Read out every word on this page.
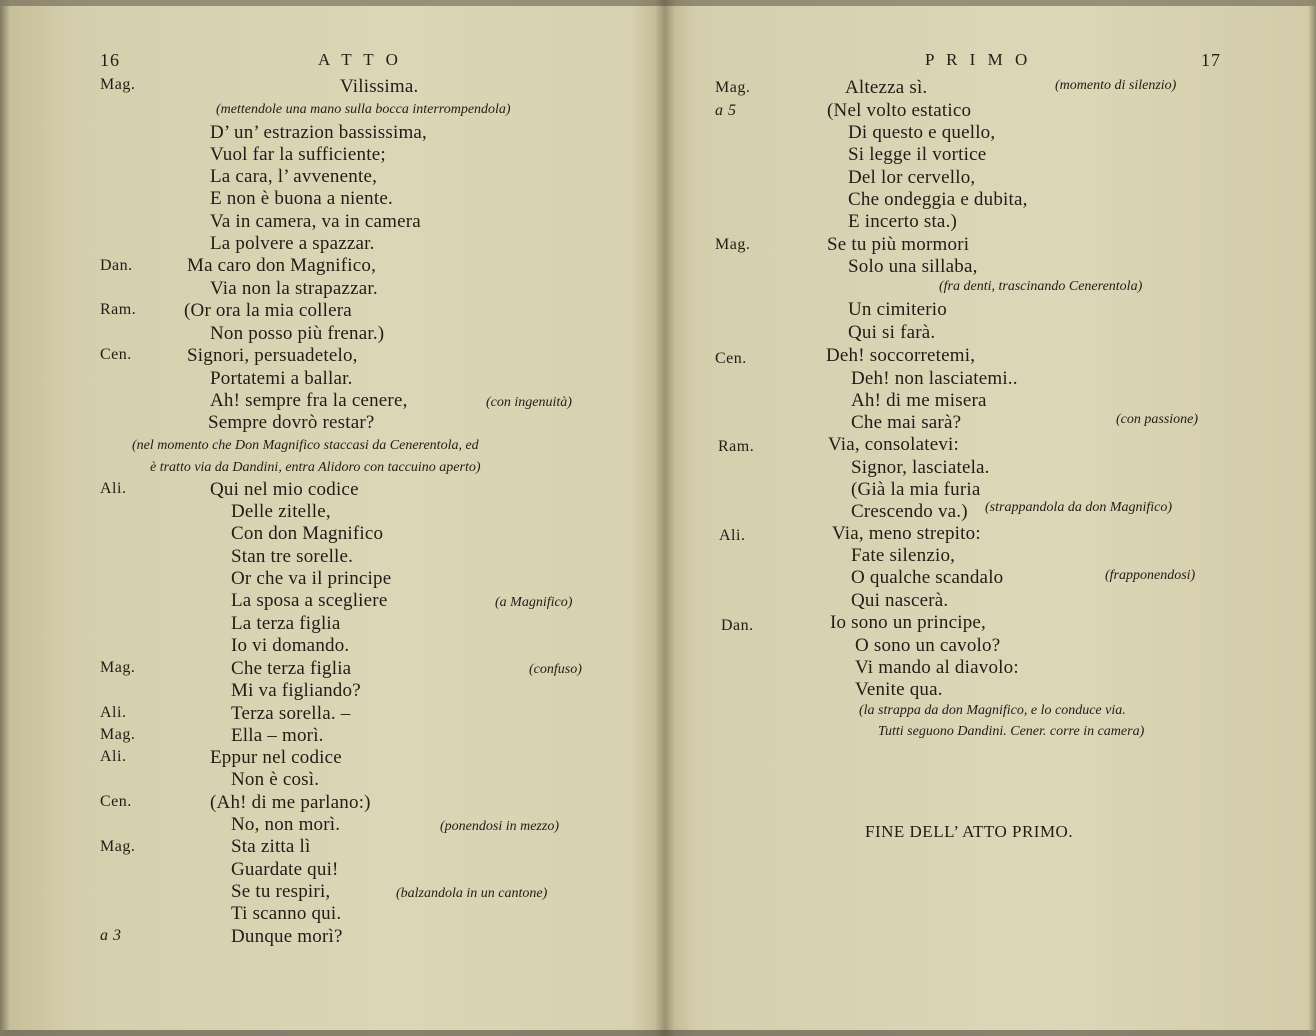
16	A T T O
Mag.	Vilissima.
(mettendole una mano sulla bocca interrompendola)
D’ un’ estrazion bassissima,
Vuol far la sufficiente;
La cara, l’ avvenente,
E non è buona a niente.
Va in camera, va in camera
La polvere a spazzar.
Dan.	Ma caro don Magnifico,
Via non la strapazzar.
Ram.	(Or ora la mia collera
Non posso più frenar.)
Cen.	Signori, persuadetelo,
Portatemi a ballar.
Ah! sempre fra la cenere,	(con ingenuità)
Sempre dovrò restar?
(nel momento che Don Magnifico staccasi da Cenerentola, ed
è tratto via da Dandini, entra Alidoro con taccuino aperto)
Ali.	Qui nel mio codice
Delle zitelle,
Con don Magnifico
Stan tre sorelle.
Or che va il principe
La sposa a scegliere	(a Magnifico)
La terza figlia
Io vi domando.
Mag.	Che terza figlia	(confuso)
Mi va figliando?
Ali.	Terza sorella. –
Mag.	Ella – morì.
Ali.	Eppur nel codice
Non è così.
Cen.	(Ah! di me parlano:)
No, non morì.	(ponendosi in mezzo)
Mag.	Sta zitta lì
Guardate qui!
Se tu respiri,	(balzandola in un cantone)
Ti scanno qui.
a 3	Dunque morì?
P R I M O	17
Mag.	Altezza sì.	(momento di silenzio)
a 5	(Nel volto estatico
Di questo e quello,
Si legge il vortice
Del lor cervello,
Che ondeggia e dubita,
E incerto sta.)
Mag.	Se tu più mormori
Solo una sillaba,
(fra denti, trascinando Cenerentola)
Un cimiterio
Qui si farà.
Cen.	Deh! soccorretemi,
Deh! non lasciatemi..
Ah! di me misera
Che mai sarà?	(con passione)
Ram.	Via, consolatevi:
Signor, lasciatela.
(Già la mia furia
Crescendo va.) (strappandola da don Magnifico)
Ali.	Via, meno strepito:
Fate silenzio,
O qualche scandalo	(frapponendosi)
Qui nascerà.
Dan.	Io sono un principe,
O sono un cavolo?
Vi mando al diavolo:
Venite qua.
(la strappa da don Magnifico, e lo conduce via.
Tutti seguono Dandini. Cener. corre in camera)
FINE DELL’ ATTO PRIMO.
